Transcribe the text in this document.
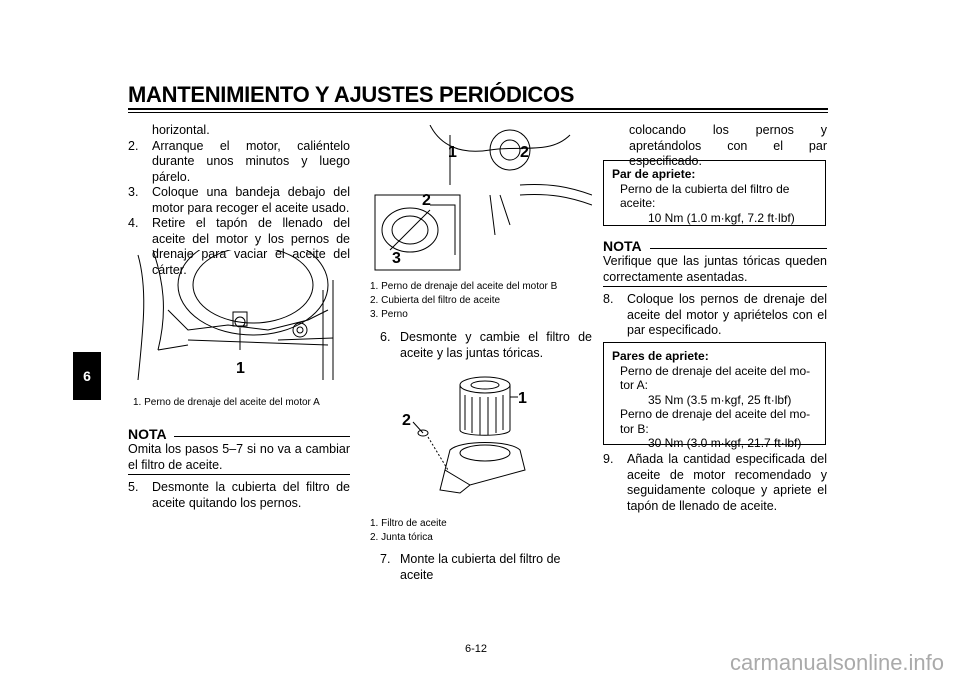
MANTENIMIENTO Y AJUSTES PERIÓDICOS
6
horizontal.
2. Arranque el motor, caliéntelo durante unos minutos y luego párelo.
3. Coloque una bandeja debajo del motor para recoger el aceite usado.
4. Retire el tapón de llenado del aceite del motor y los pernos de drenaje para vaciar el aceite del cárter.
1
1. Perno de drenaje del aceite del motor A
NOTA
Omita los pasos 5–7 si no va a cambiar el filtro de aceite.
5. Desmonte la cubierta del filtro de aceite quitando los pernos.
1	2
2
3
1. Perno de drenaje del aceite del motor B
2. Cubierta del filtro de aceite
3. Perno
6. Desmonte y cambie el filtro de aceite y las juntas tóricas.
1
2
1. Filtro de aceite
2. Junta tórica
7. Monte la cubierta del filtro de aceite
colocando los pernos y apretándolos con el par especificado.
Par de apriete:
Perno de la cubierta del filtro de
aceite:
10 Nm (1.0 m·kgf, 7.2 ft·lbf)
NOTA
Verifique que las juntas tóricas queden correctamente asentadas.
8. Coloque los pernos de drenaje del aceite del motor y apriételos con el par especificado.
Pares de apriete:
Perno de drenaje del aceite del mo-
tor A:
35 Nm (3.5 m·kgf, 25 ft·lbf)
Perno de drenaje del aceite del mo-
tor B:
30 Nm (3.0 m·kgf, 21.7 ft·lbf)
9. Añada la cantidad especificada del aceite de motor recomendado y seguidamente coloque y apriete el tapón de llenado de aceite.
6-12
carmanualsonline.info
